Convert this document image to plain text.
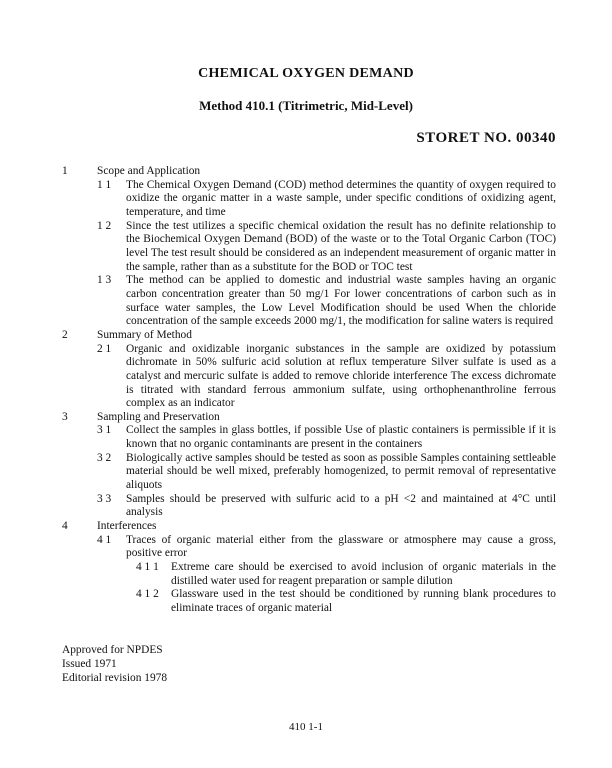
CHEMICAL OXYGEN DEMAND
Method 410.1 (Titrimetric, Mid-Level)
STORET NO. 00340
1	Scope and Application
1 1 The Chemical Oxygen Demand (COD) method determines the quantity of oxygen required to oxidize the organic matter in a waste sample, under specific conditions of oxidizing agent, temperature, and time
1 2 Since the test utilizes a specific chemical oxidation the result has no definite relationship to the Biochemical Oxygen Demand (BOD) of the waste or to the Total Organic Carbon (TOC) level The test result should be considered as an independent measurement of organic matter in the sample, rather than as a substitute for the BOD or TOC test
1 3 The method can be applied to domestic and industrial waste samples having an organic carbon concentration greater than 50 mg/1 For lower concentrations of carbon such as in surface water samples, the Low Level Modification should be used When the chloride concentration of the sample exceeds 2000 mg/1, the modification for saline waters is required
2	Summary of Method
2 1 Organic and oxidizable inorganic substances in the sample are oxidized by potassium dichromate in 50% sulfuric acid solution at reflux temperature Silver sulfate is used as a catalyst and mercuric sulfate is added to remove chloride interference The excess dichromate is titrated with standard ferrous ammonium sulfate, using orthophenanthroline ferrous complex as an indicator
3	Sampling and Preservation
3 1 Collect the samples in glass bottles, if possible Use of plastic containers is permissible if it is known that no organic contaminants are present in the containers
3 2 Biologically active samples should be tested as soon as possible Samples containing settleable material should be well mixed, preferably homogenized, to permit removal of representative aliquots
3 3 Samples should be preserved with sulfuric acid to a pH <2 and maintained at 4°C until analysis
4	Interferences
4 1 Traces of organic material either from the glassware or atmosphere may cause a gross, positive error
4 1 1 Extreme care should be exercised to avoid inclusion of organic materials in the distilled water used for reagent preparation or sample dilution
4 1 2 Glassware used in the test should be conditioned by running blank procedures to eliminate traces of organic material
Approved for NPDES
Issued 1971
Editorial revision 1978
410 1-1
